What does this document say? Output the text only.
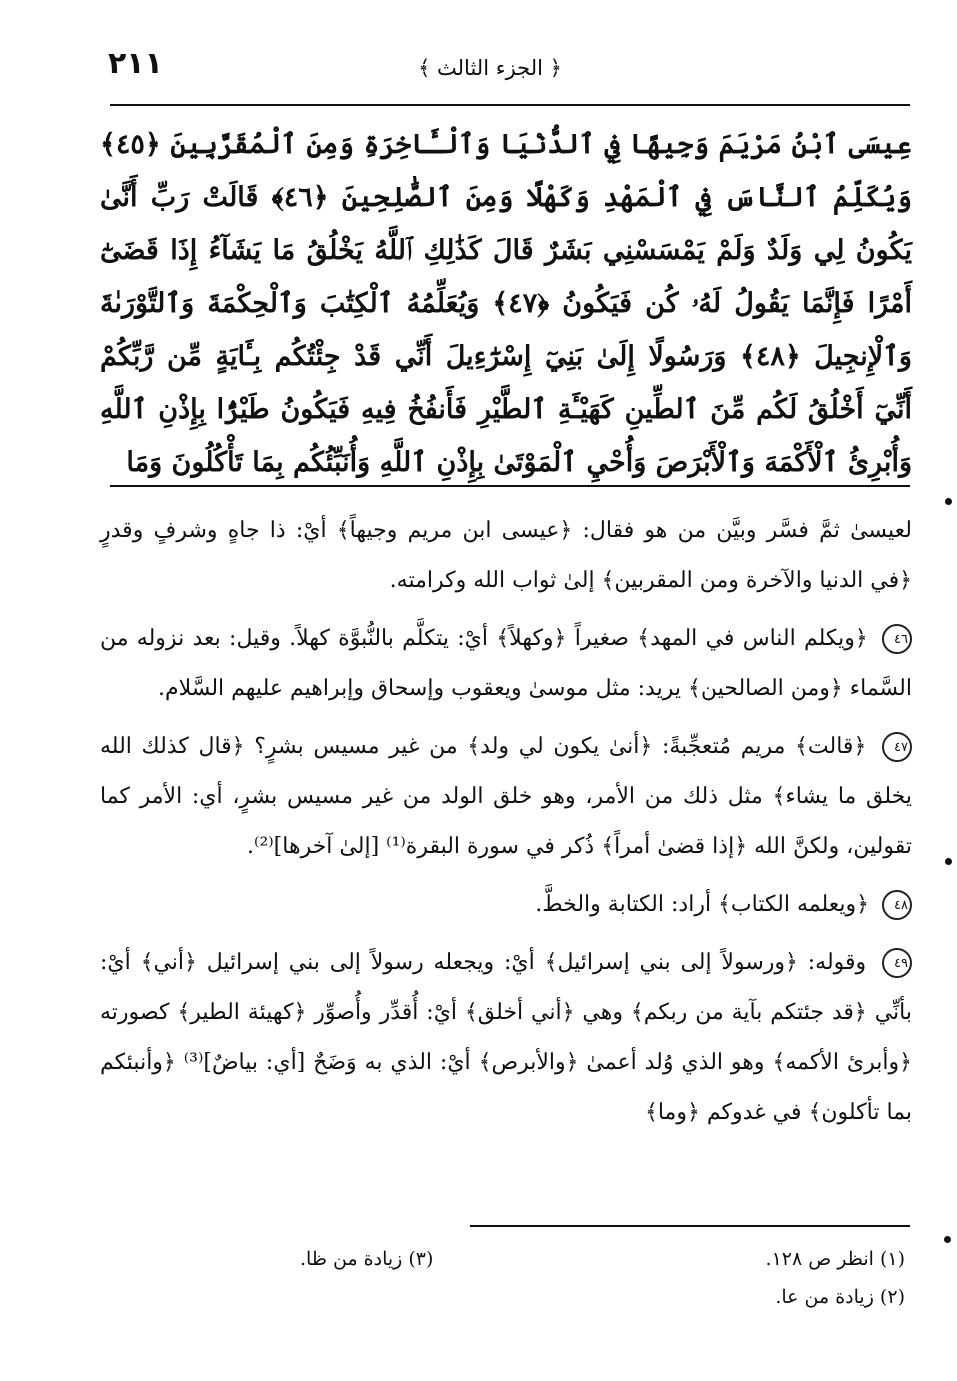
٢١١	﴿ الجزء الثالث ﴾
عِيسَى ٱبْنُ مَرْيَمَ وَجِيهًا فِي ٱلدُّنْيَا وَٱلْـَٔاخِرَةِ وَمِنَ ٱلْمُقَرَّبِينَ ﴿٤٥﴾ وَيُكَلِّمُ ٱلنَّاسَ فِي ٱلْمَهْدِ وَكَهْلًا وَمِنَ ٱلصَّٰلِحِينَ ﴿٤٦﴾ قَالَتْ رَبِّ أَنَّىٰ يَكُونُ لِي وَلَدٌ وَلَمْ يَمْسَسْنِي بَشَرٌ قَالَ كَذَٰلِكِ ٱللَّهُ يَخْلُقُ مَا يَشَآءُ إِذَا قَضَىٰٓ أَمْرًا فَإِنَّمَا يَقُولُ لَهُۥ كُن فَيَكُونُ ﴿٤٧﴾ وَيُعَلِّمُهُ ٱلْكِتَٰبَ وَٱلْحِكْمَةَ وَٱلتَّوْرَىٰةَ وَٱلْإِنجِيلَ ﴿٤٨﴾ وَرَسُولًا إِلَىٰ بَنِيٓ إِسْرَٰٓءِيلَ أَنِّي قَدْ جِئْتُكُم بِـَٔايَةٍ مِّن رَّبِّكُمْ أَنِّيٓ أَخْلُقُ لَكُم مِّنَ ٱلطِّينِ كَهَيْـَٔةِ ٱلطَّيْرِ فَأَنفُخُ فِيهِ فَيَكُونُ طَيْرًۢا بِإِذْنِ ٱللَّهِ وَأُبْرِئُ ٱلْأَكْمَهَ وَٱلْأَبْرَصَ وَأُحْيِ ٱلْمَوْتَىٰ بِإِذْنِ ٱللَّهِ وَأُنَبِّئُكُم بِمَا تَأْكُلُونَ وَمَا

لعيسىٰ ثمَّ فسَّر وبيَّن من هو فقال: ﴿عيسى ابن مريم وجيهاً﴾ أيْ: ذا جاهٍ وشرفٍ وقدرٍ ﴿في الدنيا والآخرة ومن المقربين﴾ إلىٰ ثواب الله وكرامته.

٤٦ ﴿ويكلم الناس في المهد﴾ صغيراً ﴿وكهلاً﴾ أيْ: يتكلَّم بالنُّبوَّة كهلاً. وقيل: بعد نزوله من السَّماء ﴿ومن الصالحين﴾ يريد: مثل موسىٰ ويعقوب وإسحاق وإبراهيم عليهم السَّلام.

٤٧ ﴿قالت﴾ مريم مُتعجِّبةً: ﴿أنىٰ يكون لي ولد﴾ من غير مسيس بشرٍ؟ ﴿قال كذلك الله يخلق ما يشاء﴾ مثل ذلك من الأمر، وهو خلق الولد من غير مسيس بشرٍ، أي: الأمر كما تقولين، ولكنَّ الله ﴿إذا قضىٰ أمراً﴾ ذُكر في سورة البقرة⁽¹⁾ [إلىٰ آخرها]⁽²⁾.

٤٨ ﴿ويعلمه الكتاب﴾ أراد: الكتابة والخطَّ.

٤٩ وقوله: ﴿ورسولاً إلى بني إسرائيل﴾ أيْ: ويجعله رسولاً إلى بني إسرائيل ﴿أني﴾ أيْ: بأنِّي ﴿قد جئتكم بآية من ربكم﴾ وهي ﴿أني أخلق﴾ أيْ: أُقدِّر وأُصوِّر ﴿كهيئة الطير﴾ كصورته ﴿وأبرئ الأكمه﴾ وهو الذي وُلد أعمىٰ ﴿والأبرص﴾ أيْ: الذي به وَضَحٌ [أي: بياضٌ]⁽³⁾ ﴿وأنبئكم بما تأكلون﴾ في غدوكم ﴿وما﴾

(١) انظر ص ١٢٨.
(٣) زيادة من ظا.
(٢) زيادة من عا.
